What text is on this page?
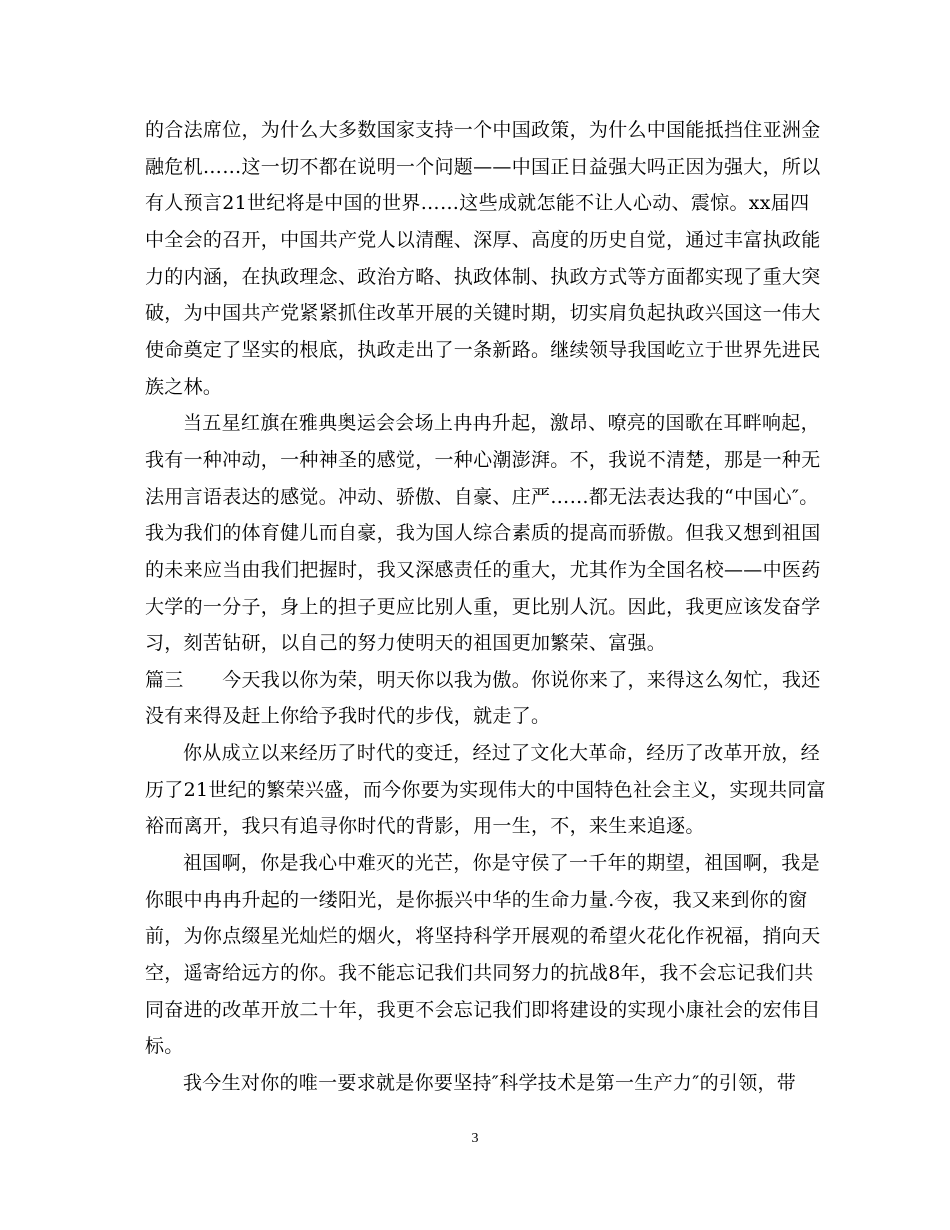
的合法席位，为什么大多数国家支持一个中国政策，为什么中国能抵挡住亚洲金
融危机……这一切不都在说明一个问题——中国正日益强大吗正因为强大，所以
有人预言21世纪将是中国的世界……这些成就怎能不让人心动、震惊。xx届四
中全会的召开，中国共产党人以清醒、深厚、高度的历史自觉，通过丰富执政能
力的内涵，在执政理念、政治方略、执政体制、执政方式等方面都实现了重大突
破，为中国共产党紧紧抓住改革开展的关键时期，切实肩负起执政兴国这一伟大
使命奠定了坚实的根底，执政走出了一条新路。继续领导我国屹立于世界先进民
族之林。
当五星红旗在雅典奥运会会场上冉冉升起，激昂、嘹亮的国歌在耳畔响起，
我有一种冲动，一种神圣的感觉，一种心潮澎湃。不，我说不清楚，那是一种无
法用言语表达的感觉。冲动、骄傲、自豪、庄严……都无法表达我的“中国心″。
我为我们的体育健儿而自豪，我为国人综合素质的提高而骄傲。但我又想到祖国
的未来应当由我们把握时，我又深感责任的重大，尤其作为全国名校——中医药
大学的一分子，身上的担子更应比别人重，更比别人沉。因此，我更应该发奋学
习，刻苦钻研，以自己的努力使明天的祖国更加繁荣、富强。
篇三　　今天我以你为荣，明天你以我为傲。你说你来了，来得这么匆忙，我还
没有来得及赶上你给予我时代的步伐，就走了。
你从成立以来经历了时代的变迁，经过了文化大革命，经历了改革开放，经
历了21世纪的繁荣兴盛，而今你要为实现伟大的中国特色社会主义，实现共同富
裕而离开，我只有追寻你时代的背影，用一生，不，来生来追逐。
祖国啊，你是我心中难灭的光芒，你是守侯了一千年的期望，祖国啊，我是
你眼中冉冉升起的一缕阳光，是你振兴中华的生命力量.今夜，我又来到你的窗
前，为你点缀星光灿烂的烟火，将坚持科学开展观的希望火花化作祝福，捎向天
空，遥寄给远方的你。我不能忘记我们共同努力的抗战8年，我不会忘记我们共
同奋进的改革开放二十年，我更不会忘记我们即将建设的实现小康社会的宏伟目
标。
3
我今生对你的唯一要求就是你要坚持″科学技术是第一生产力″的引领，带
